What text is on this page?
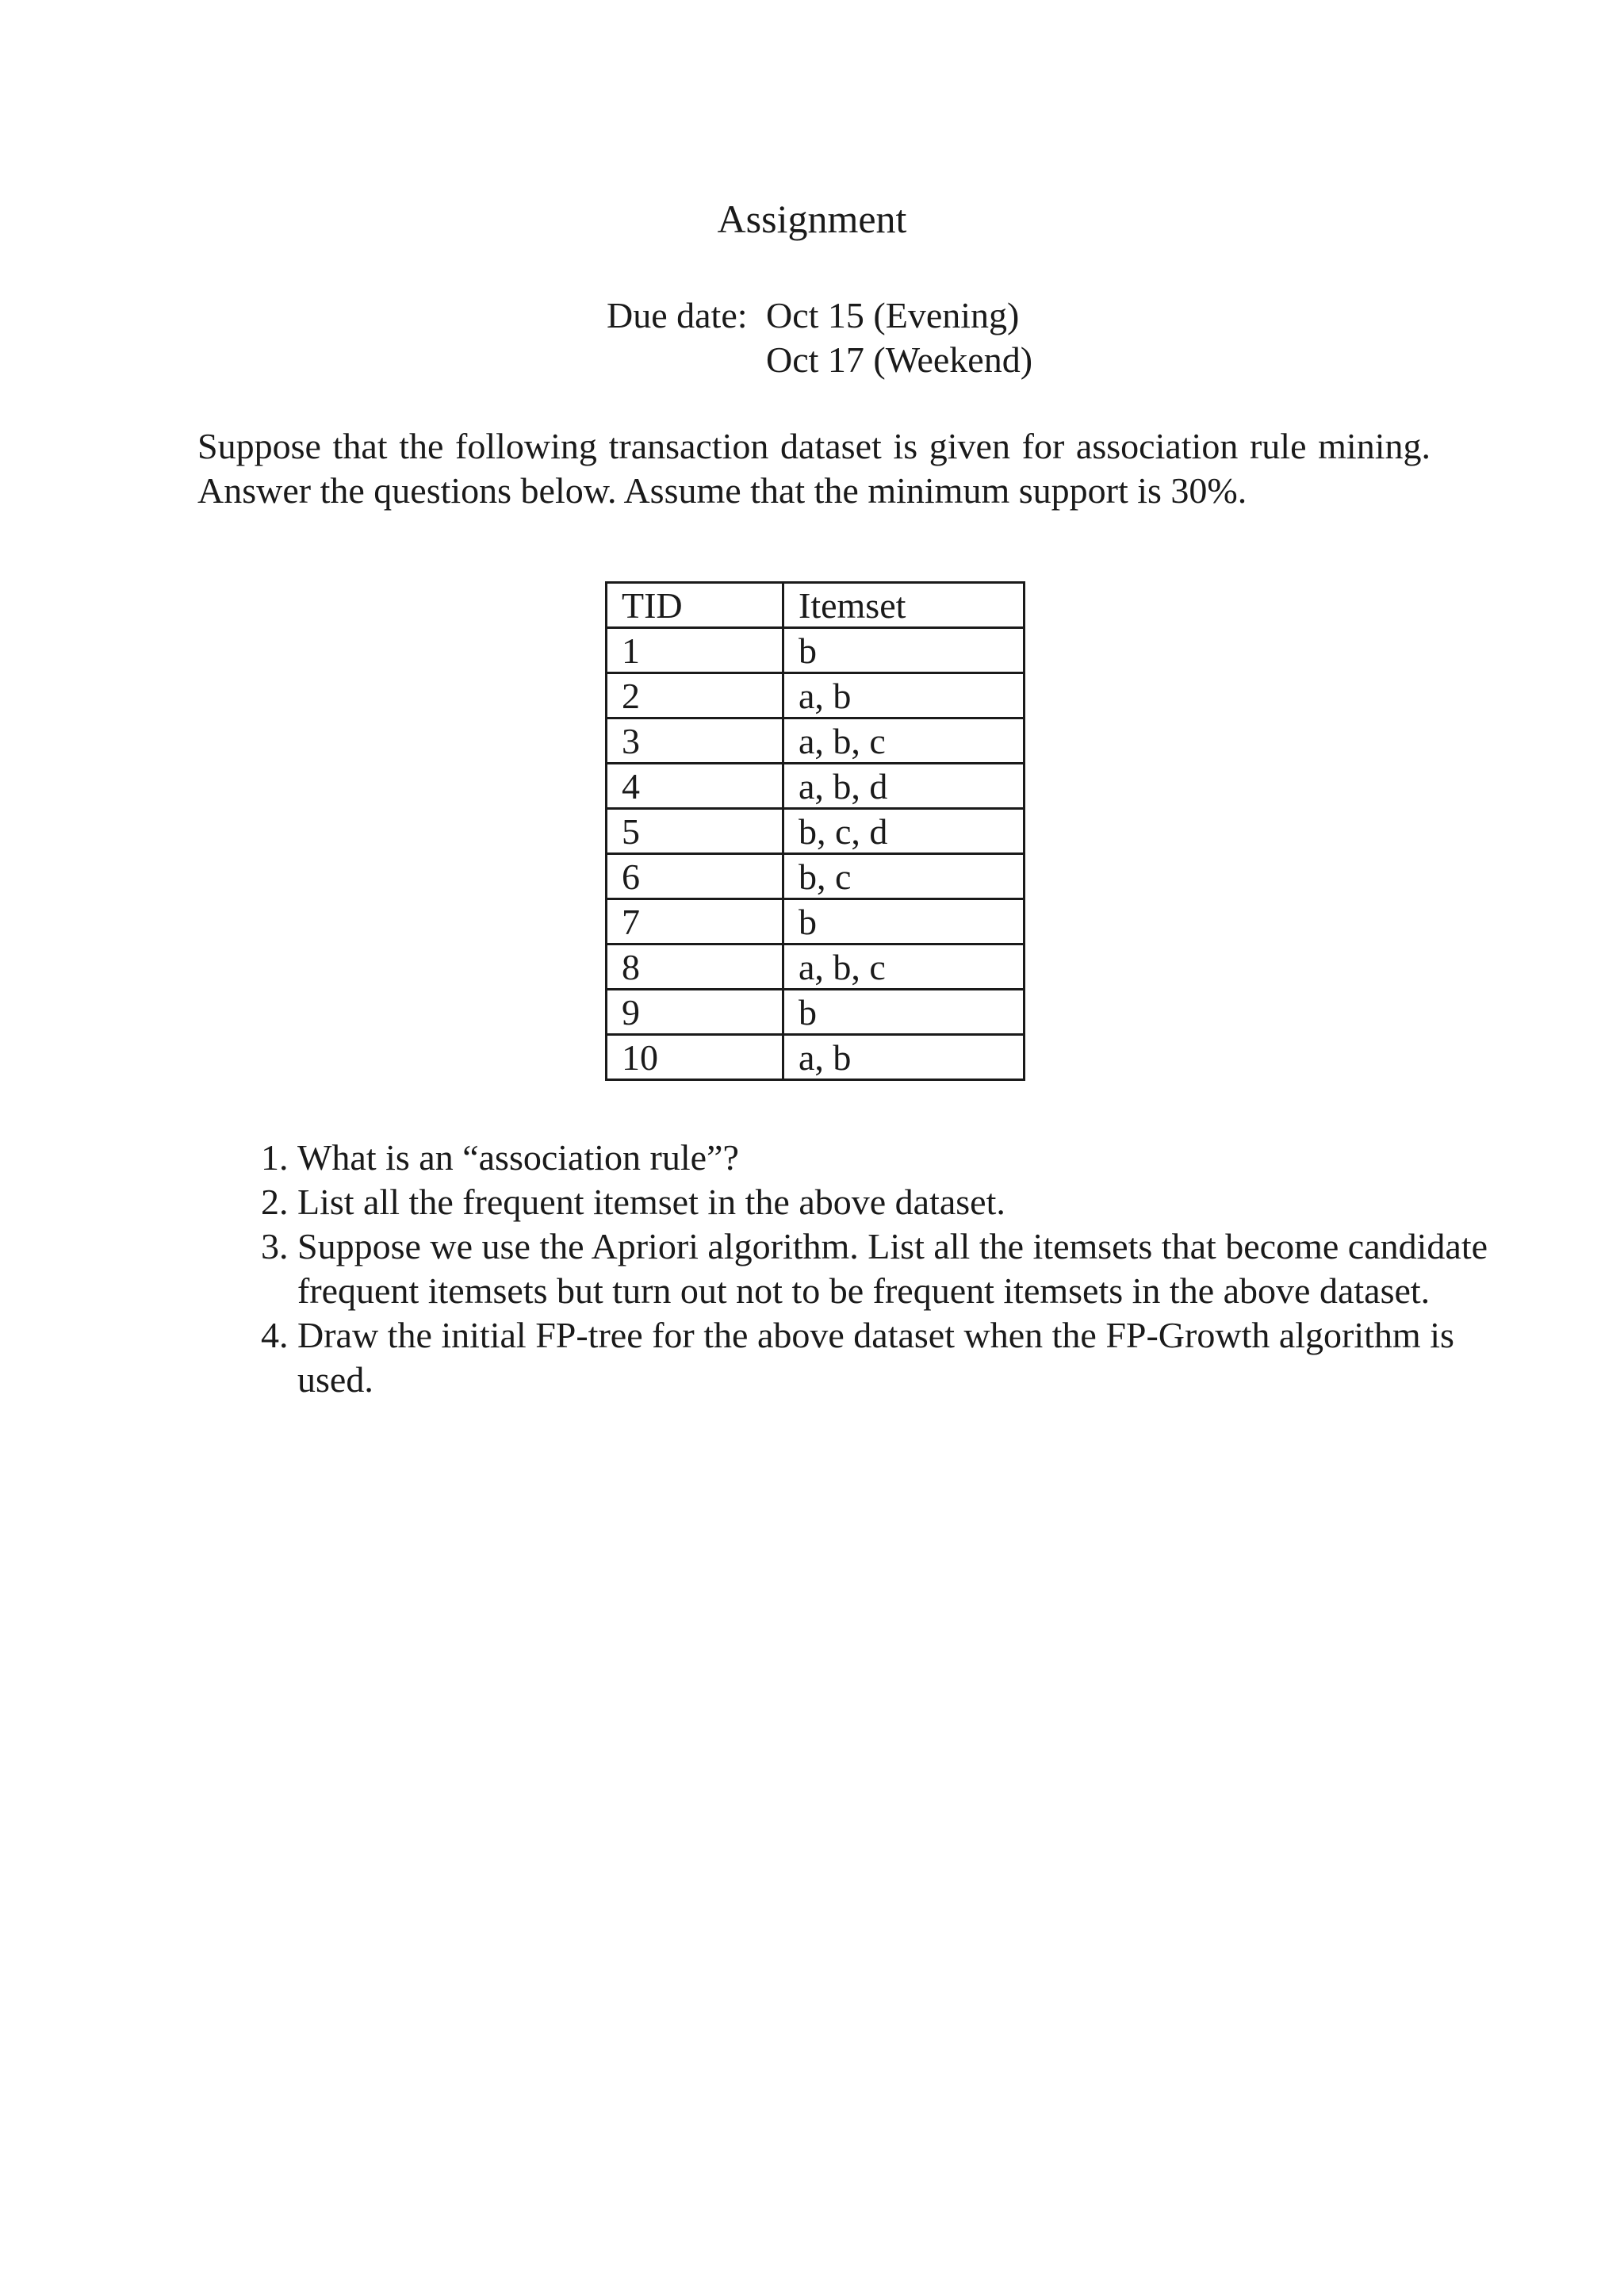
Assignment
Due date: Oct 15 (Evening)
Oct 17 (Weekend)
Suppose that the following transaction dataset is given for association rule mining. Answer the questions below. Assume that the minimum support is 30%.
TID	Itemset
1	b
2	a, b
3	a, b, c
4	a, b, d
5	b, c, d
6	b, c
7	b
8	a, b, c
9	b
10	a, b
1. What is an “association rule”?
2. List all the frequent itemset in the above dataset.
3. Suppose we use the Apriori algorithm. List all the itemsets that become candidate frequent itemsets but turn out not to be frequent itemsets in the above dataset.
4. Draw the initial FP-tree for the above dataset when the FP-Growth algorithm is used.
